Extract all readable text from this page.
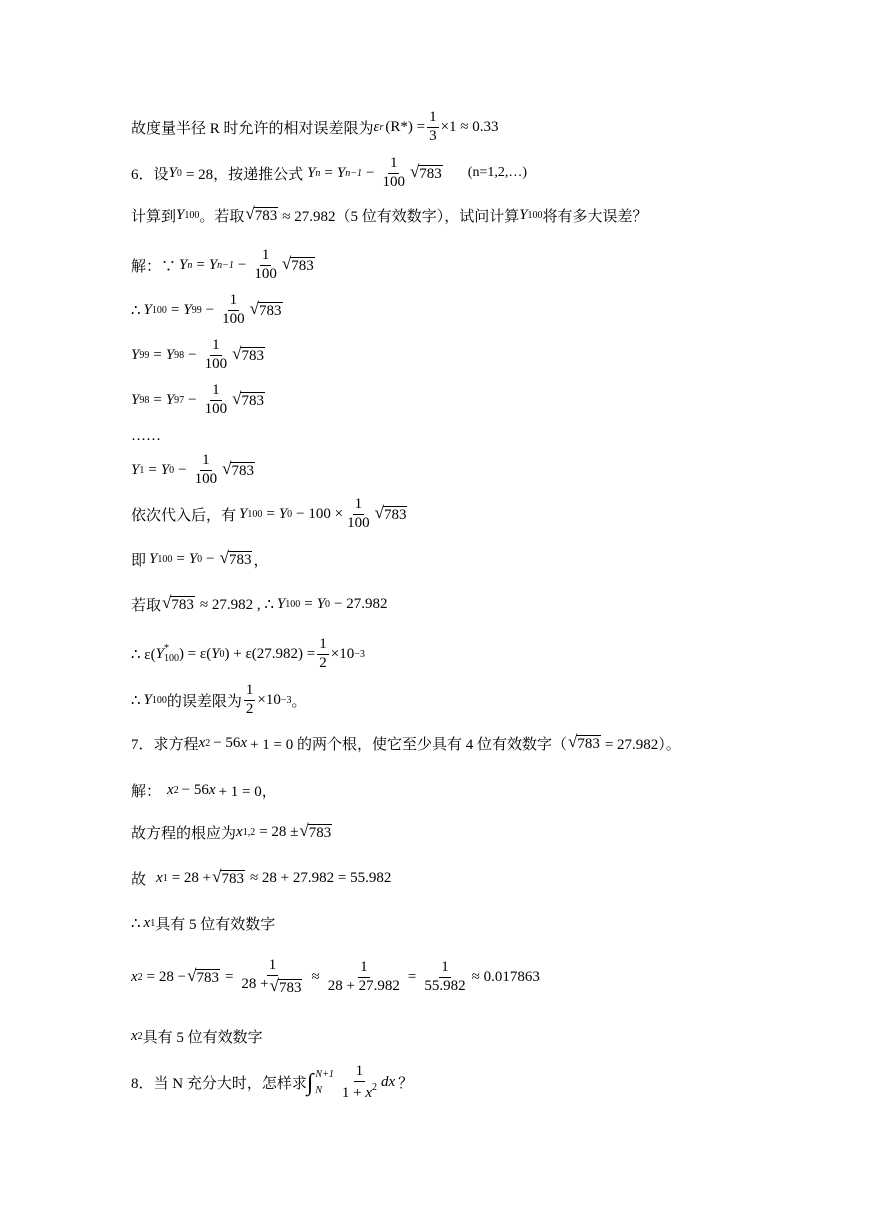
故度量半径 R 时允许的相对误差限为 ε r $(R*) = \frac{1}{3} \times 1 \approx 0.33$
6．设 Y 0 = 28，按递推公式 Y n = Y $n-1 - \frac{1}{100}$ √ 783 (n=1,2,…)
计算到 Y 100 。若取 √ 783 ≈ 27.982（5 位有效数字），试问计算 Y 100 将有多大误差？
解：∵ Y n = Y $n-1 - \frac{1}{100}$ √ 783
∴ Y 100 = Y $99 - \frac{1}{100}$ √ 783
Y 99 = Y $98 - \frac{1}{100}$ √ 783
Y 98 = Y $97 - \frac{1}{100}$ √ 783
……
Y 1 = Y $0 - \frac{1}{100}$ √ 783
依次代入后，有 Y 100 = Y $0 - 100 \times \frac{1}{100}$ √ 783
即 Y 100 = Y 0 − √ 783 ，
若取 √ 783 ≈ 27.982 , ∴ Y 100 = Y 0 − 27.982
∴ ε( Y *
100 ) = ε( Y 0 ) + $\varepsilon(27.982) = \frac{1}{2} \times 10 -3$
∴ Y 100 的误差限为 $\frac{1}{2} \times 10 -3$ 。
7．求方程 x 2 − 56 x + 1 = 0 的两个根，使它至少具有 4 位有效数字（ √ 783 = 27.982）。
解： x 2 − 56 x + 1 = 0，
故方程的根应为 x 1,2 = 28 ± √ 783
故 x 1 = 28 + √ 783 ≈ 28 + 27.982 = 55.982
∴ x 1 具有 5 位有效数字
x 2 = 28 − √ $783 = \frac{1}{28 + √ 783} \approx \frac{1}{28 + 27.982} = \frac{1}{55.982} \approx 0.017863$
x 2 具有 5 位有效数字
8．当 N 充分大时，怎样求 ∫ N+1
N	$\frac{1}{1 + x^2}$ dx ？
